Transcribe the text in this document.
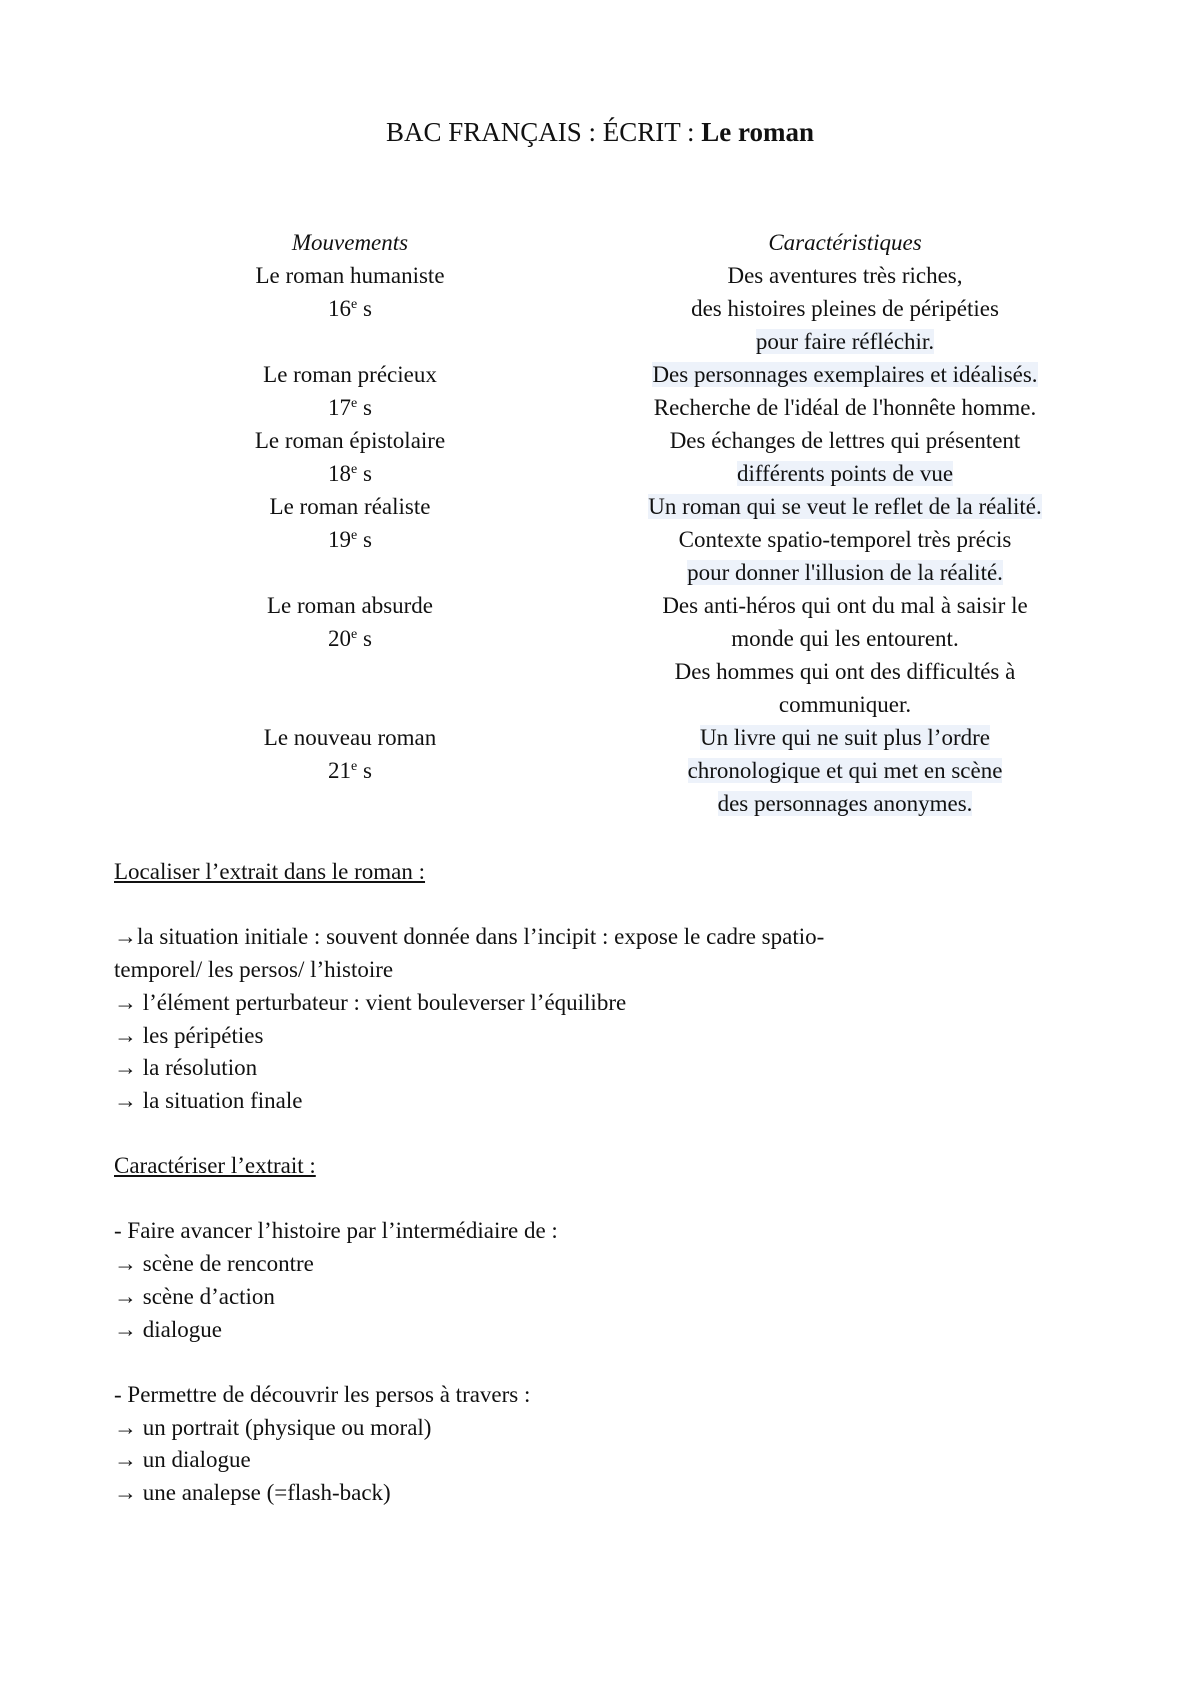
BAC FRANÇAIS : ÉCRIT : Le roman
Mouvements	Caractéristiques
Le roman humaniste
16e s
Des aventures très riches,
des histoires pleines de péripéties
pour faire réfléchir.
Le roman précieux
17e s
Des personnages exemplaires et idéalisés.
Recherche de l'idéal de l'honnête homme.
Le roman épistolaire
18e s
Des échanges de lettres qui présentent
différents points de vue
Le roman réaliste
19e s
Un roman qui se veut le reflet de la réalité.
Contexte spatio-temporel très précis
pour donner l'illusion de la réalité.
Le roman absurde
20e s
Des anti-héros qui ont du mal à saisir le
monde qui les entourent.
Des hommes qui ont des difficultés à
communiquer.
Le nouveau roman
21e s
Un livre qui ne suit plus l’ordre
chronologique et qui met en scène
des personnages anonymes.
Localiser l’extrait dans le roman :

→la situation initiale : souvent donnée dans l’incipit : expose le cadre spatio-
temporel/ les persos/ l’histoire
→ l’élément perturbateur : vient bouleverser l’équilibre
→ les péripéties
→ la résolution
→ la situation finale
Caractériser l’extrait :

- Faire avancer l’histoire par l’intermédiaire de :
→ scène de rencontre
→ scène d’action
→ dialogue

- Permettre de découvrir les persos à travers :
→ un portrait (physique ou moral)
→ un dialogue
→ une analepse (=flash-back)
